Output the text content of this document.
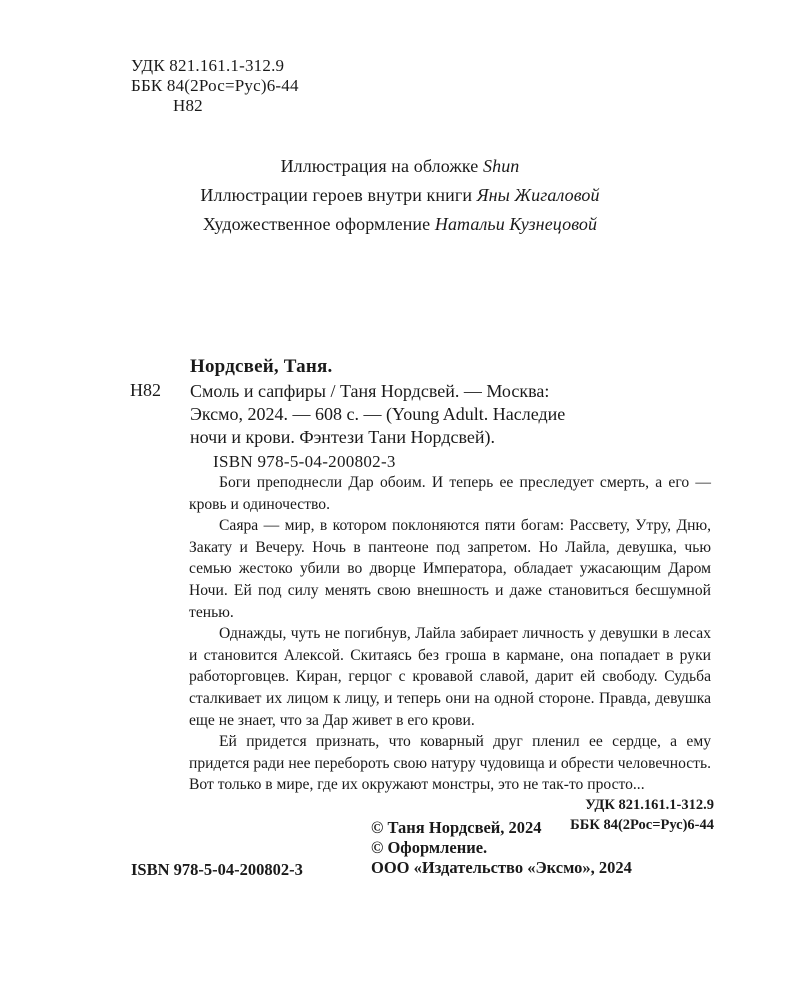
УДК 821.161.1-312.9
ББК 84(2Рос=Рус)6-44
Н82
Иллюстрация на обложке Shun
Иллюстрации героев внутри книги Яны Жигаловой
Художественное оформление Натальи Кузнецовой
Нордсвей, Таня.
Н82 Смоль и сапфиры / Таня Нордсвей. — Москва:
Эксмо, 2024. — 608 с. — (Young Adult. Наследие
ночи и крови. Фэнтези Тани Нордсвей).
ISBN 978-5-04-200802-3

Боги преподнесли Дар обоим. И теперь ее преследует смерть, а его — кровь и одиночество.

Саяра — мир, в котором поклоняются пяти богам: Рассвету, Утру, Дню, Закату и Вечеру. Ночь в пантеоне под запретом. Но Лайла, девушка, чью семью жестоко убили во дворце Императора, обладает ужасающим Даром Ночи. Ей под силу менять свою внешность и даже становиться бесшумной тенью.

Однажды, чуть не погибнув, Лайла забирает личность у девушки в лесах и становится Алексой. Скитаясь без гроша в кармане, она попадает в руки работорговцев. Киран, герцог с кровавой славой, дарит ей свободу. Судьба сталкивает их лицом к лицу, и теперь они на одной стороне. Правда, девушка еще не знает, что за Дар живет в его крови.

Ей придется признать, что коварный друг пленил ее сердце, а ему придется ради нее перебороть свою натуру чудовища и обрести человечность. Вот только в мире, где их окружают монстры, это не так-то просто...

УДК 821.161.1-312.9
ББК 84(2Рос=Рус)6-44
© Таня Нордсвей, 2024
© Оформление.
ООО «Издательство «Эксмо», 2024
ISBN 978-5-04-200802-3
